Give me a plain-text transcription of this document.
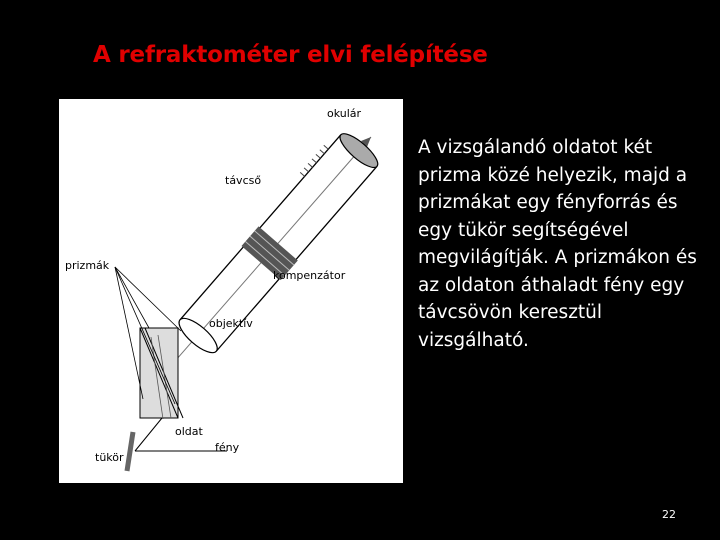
A refraktométer elvi felépítése
okulár
távcső
prizmák
kompenzátor
objektív
oldat
fény
tükör
A vizsgálandó oldatot két prizma közé helyezik, majd a prizmákat egy fényforrás és egy tükör segítségével megvilágítják. A prizmákon és az oldaton áthaladt fény egy távcsövön keresztül vizsgálható.
22
